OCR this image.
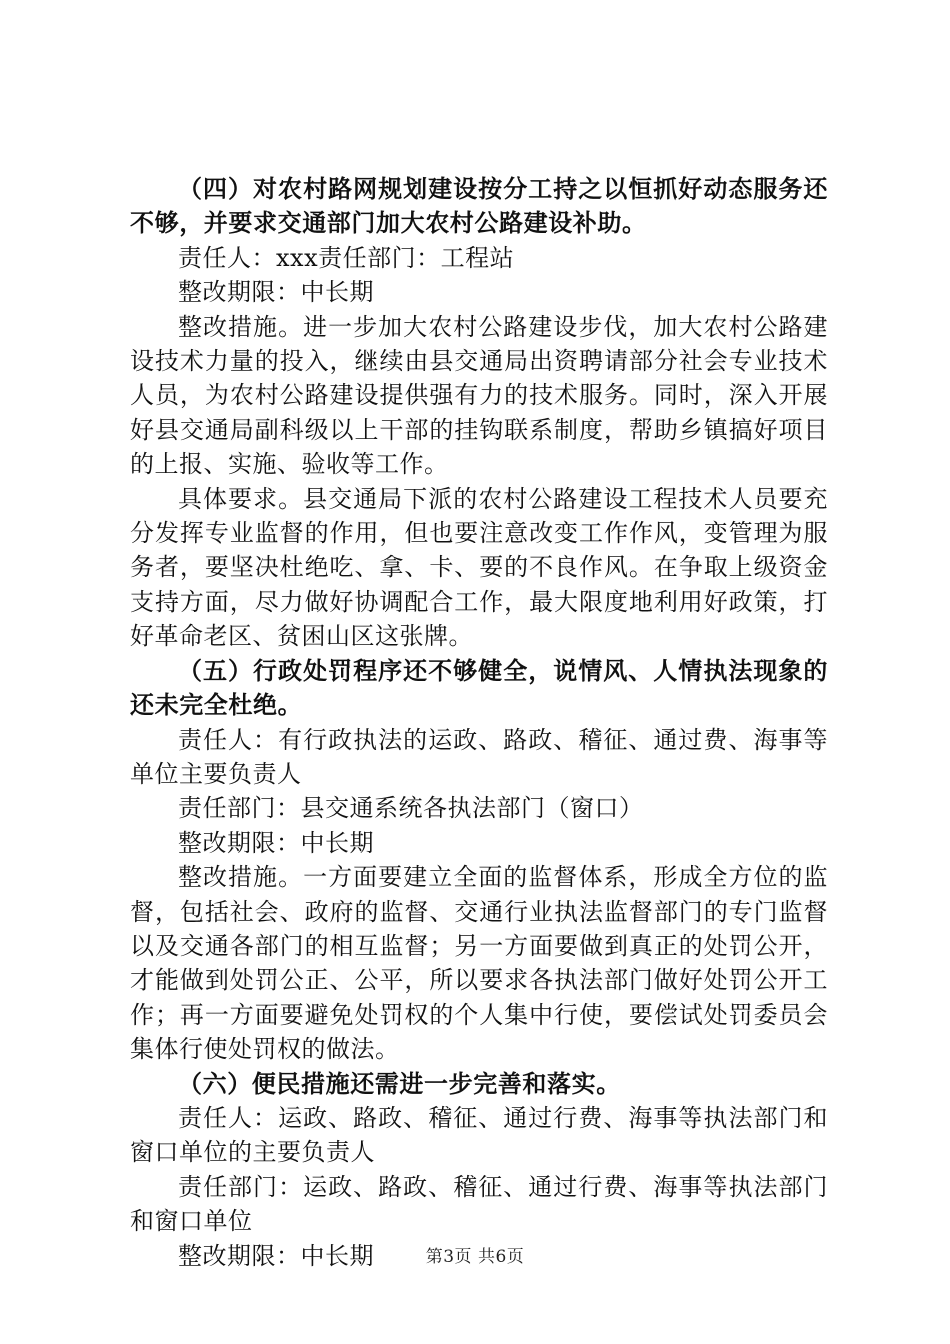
（四）对农村路网规划建设按分工持之以恒抓好动态服务还不够，并要求交通部门加大农村公路建设补助。

责任人：xxx责任部门：工程站

整改期限：中长期

整改措施。进一步加大农村公路建设步伐，加大农村公路建设技术力量的投入，继续由县交通局出资聘请部分社会专业技术人员，为农村公路建设提供强有力的技术服务。同时，深入开展好县交通局副科级以上干部的挂钩联系制度，帮助乡镇搞好项目的上报、实施、验收等工作。

具体要求。县交通局下派的农村公路建设工程技术人员要充分发挥专业监督的作用，但也要注意改变工作作风，变管理为服务者，要坚决杜绝吃、拿、卡、要的不良作风。在争取上级资金支持方面，尽力做好协调配合工作，最大限度地利用好政策，打好革命老区、贫困山区这张牌。

（五）行政处罚程序还不够健全，说情风、人情执法现象的还未完全杜绝。

责任人：有行政执法的运政、路政、稽征、通过费、海事等单位主要负责人

责任部门：县交通系统各执法部门（窗口）

整改期限：中长期

整改措施。一方面要建立全面的监督体系，形成全方位的监督，包括社会、政府的监督、交通行业执法监督部门的专门监督以及交通各部门的相互监督；另一方面要做到真正的处罚公开，才能做到处罚公正、公平，所以要求各执法部门做好处罚公开工作；再一方面要避免处罚权的个人集中行使，要偿试处罚委员会集体行使处罚权的做法。

（六）便民措施还需进一步完善和落实。

责任人：运政、路政、稽征、通过行费、海事等执法部门和窗口单位的主要负责人

责任部门：运政、路政、稽征、通过行费、海事等执法部门和窗口单位

整改期限：中长期	第3页 共6页
